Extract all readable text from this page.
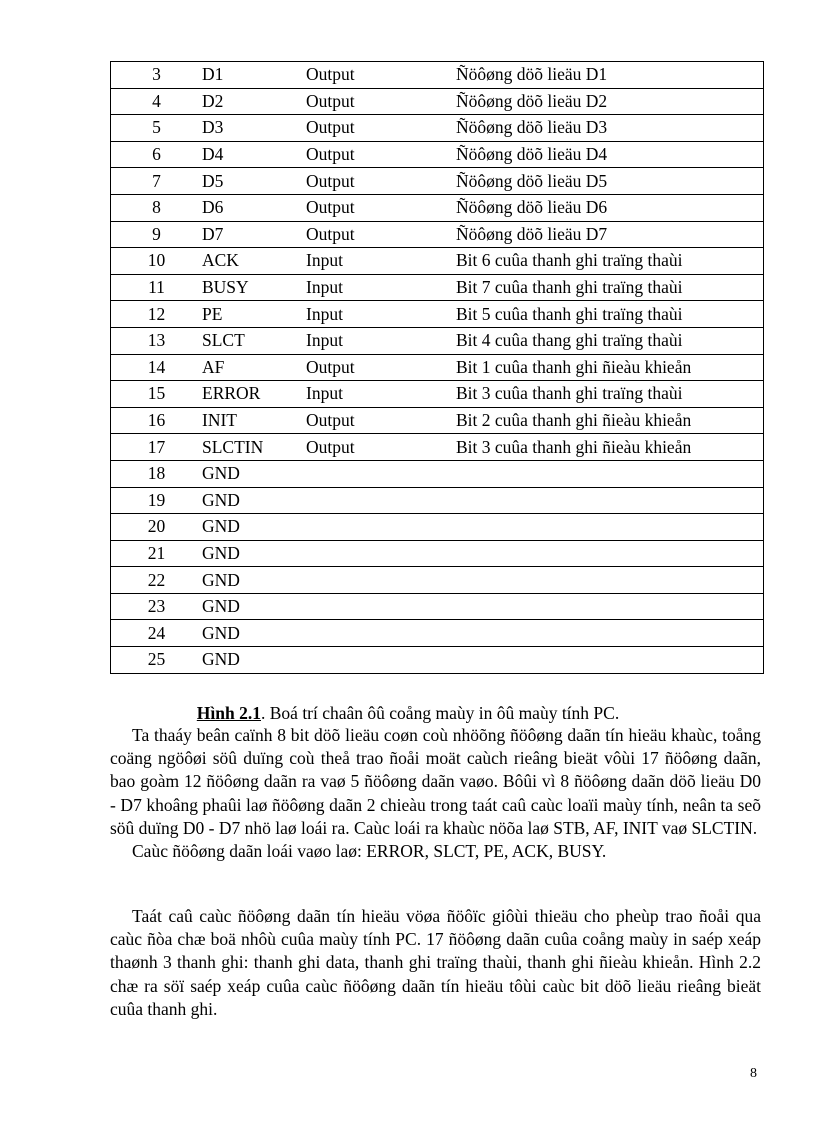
3	D1	Output	Ñöôøng döõ lieäu D1
4	D2	Output	Ñöôøng döõ lieäu D2
5	D3	Output	Ñöôøng döõ lieäu D3
6	D4	Output	Ñöôøng döõ lieäu D4
7	D5	Output	Ñöôøng döõ lieäu D5
8	D6	Output	Ñöôøng döõ lieäu D6
9	D7	Output	Ñöôøng döõ lieäu D7
10	ACK	Input	Bit 6 cuûa thanh ghi traïng thaùi
11	BUSY	Input	Bit 7 cuûa thanh ghi traïng thaùi
12	PE	Input	Bit 5 cuûa thanh ghi traïng thaùi
13	SLCT	Input	Bit 4 cuûa thang ghi traïng thaùi
14	AF	Output	Bit 1 cuûa thanh ghi ñieàu khieån
15	ERROR	Input	Bit 3 cuûa thanh ghi traïng thaùi
16	INIT	Output	Bit 2 cuûa thanh ghi ñieàu khieån
17	SLCTIN	Output	Bit 3 cuûa thanh ghi ñieàu khieån
18	GND		
19	GND		
20	GND		
21	GND		
22	GND		
23	GND		
24	GND		
25	GND		
Hình 2.1. Boá trí chaân ôû coång maùy in ôû maùy tính PC.

Ta thaáy beân caïnh 8 bit döõ lieäu coøn coù nhöõng ñöôøng daãn tín hieäu khaùc, toång coäng ngöôøi söû duïng coù theå trao ñoåi moät caùch rieâng bieät vôùi 17 ñöôøng daãn, bao goàm 12 ñöôøng daãn ra vaø 5 ñöôøng daãn vaøo. Bôûi vì 8 ñöôøng daãn döõ lieäu D0 - D7 khoâng phaûi laø ñöôøng daãn 2 chieàu trong taát caû caùc loaïi maùy tính, neân ta seõ söû duïng D0 - D7 nhö laø loái ra. Caùc loái ra khaùc nöõa laø STB, AF, INIT vaø SLCTIN.

Caùc ñöôøng daãn loái vaøo laø: ERROR, SLCT, PE, ACK, BUSY.

Taát caû caùc ñöôøng daãn tín hieäu vöøa ñöôïc giôùi thieäu cho pheùp trao ñoåi qua caùc ñòa chæ boä nhôù cuûa maùy tính PC. 17 ñöôøng daãn cuûa coång maùy in saép xeáp thaønh 3 thanh ghi: thanh ghi data, thanh ghi traïng thaùi, thanh ghi ñieàu khieån. Hình 2.2 chæ ra söï saép xeáp cuûa caùc ñöôøng daãn tín hieäu tôùi caùc bit döõ lieäu rieâng bieät cuûa thanh ghi.

8
